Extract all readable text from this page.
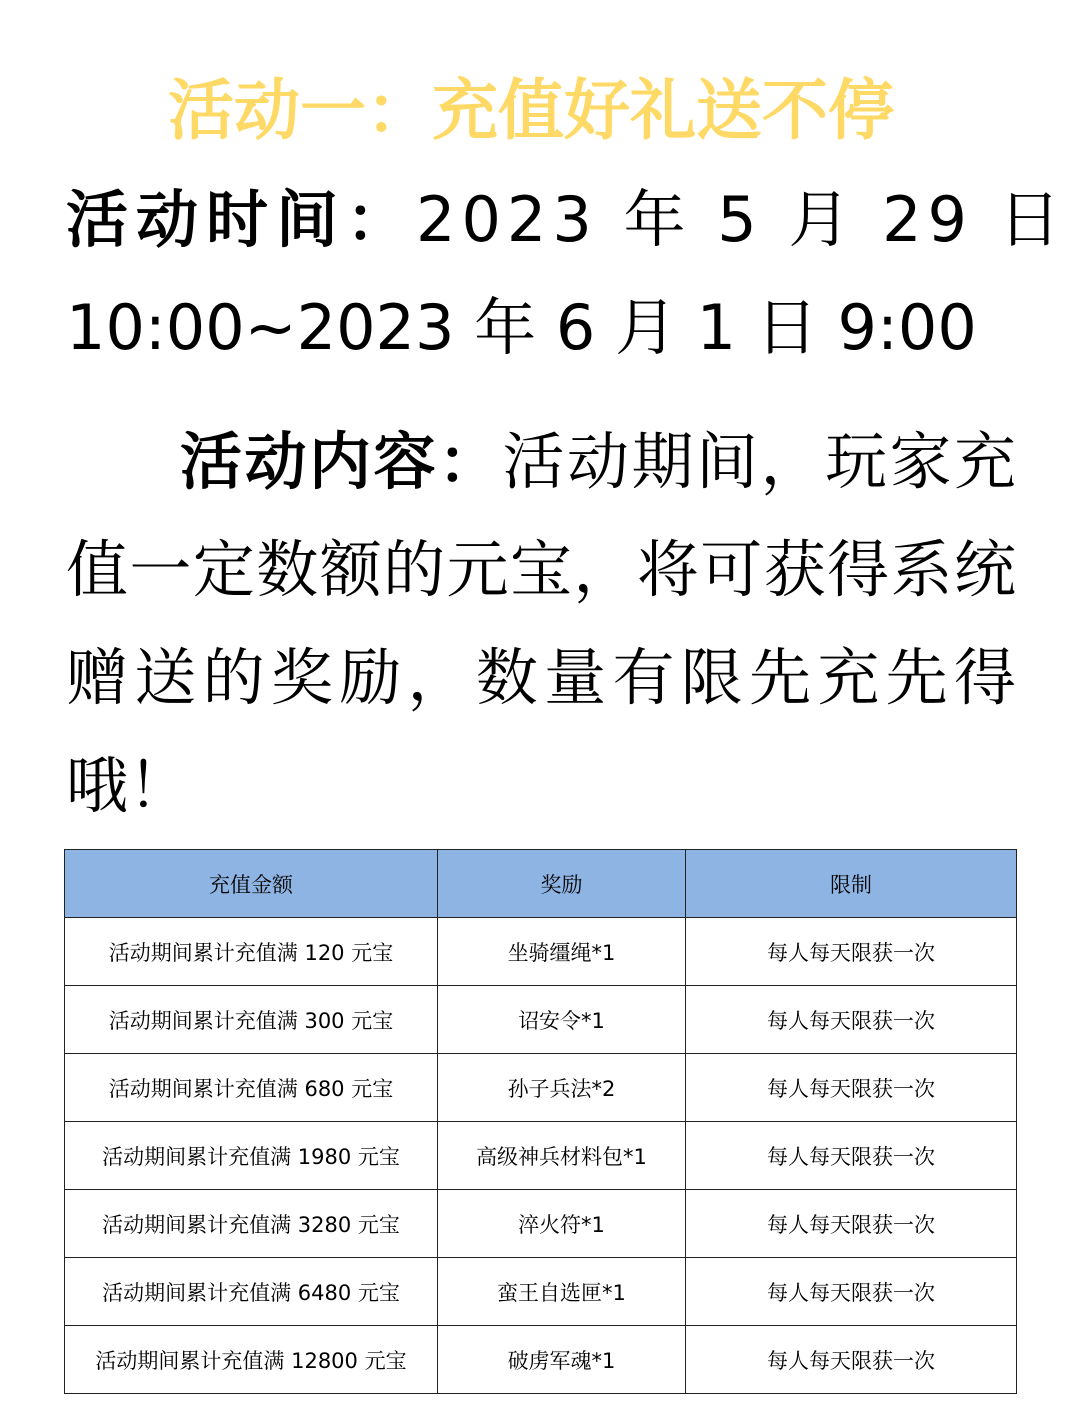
活动一：充值好礼送不停
活动时间：2023 年 5 月 29 日
10:00~2023 年 6 月 1 日 9:00
活动内容：活动期间，玩家充值一定数额的元宝，将可获得系统赠送的奖励，数量有限先充先得哦！
充值金额	奖励	限制
活动期间累计充值满 120 元宝	坐骑缰绳*1	每人每天限获一次
活动期间累计充值满 300 元宝	诏安令*1	每人每天限获一次
活动期间累计充值满 680 元宝	孙子兵法*2	每人每天限获一次
活动期间累计充值满 1980 元宝	高级神兵材料包*1	每人每天限获一次
活动期间累计充值满 3280 元宝	淬火符*1	每人每天限获一次
活动期间累计充值满 6480 元宝	蛮王自选匣*1	每人每天限获一次
活动期间累计充值满 12800 元宝	破虏军魂*1	每人每天限获一次
